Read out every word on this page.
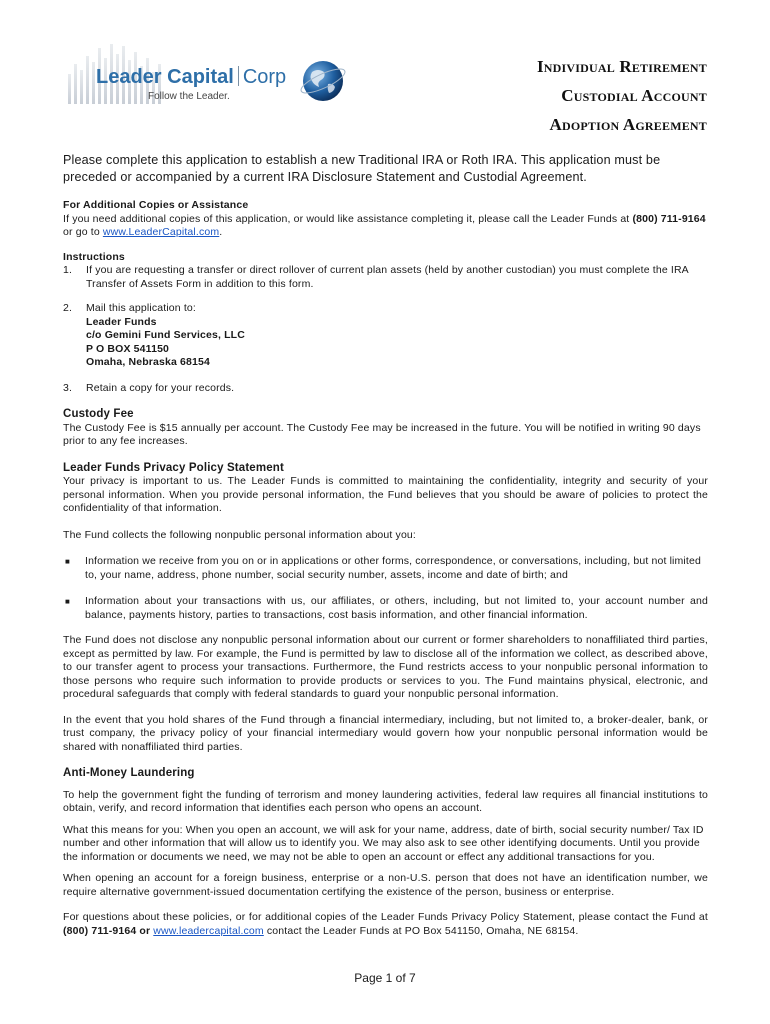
Leader Capital Corp
Follow the Leader.
Individual Retirement
Custodial Account
Adoption Agreement

Please complete this application to establish a new Traditional IRA or Roth IRA. This application must be preceded or accompanied by a current IRA Disclosure Statement and Custodial Agreement.

For Additional Copies or Assistance

If you need additional copies of this application, or would like assistance completing it, please call the Leader Funds at (800) 711-9164 or go to www.LeaderCapital.com.

Instructions
1. If you are requesting a transfer or direct rollover of current plan assets (held by another custodian) you must complete the IRA Transfer of Assets Form in addition to this form.
2. Mail this application to:
Leader Funds
c/o Gemini Fund Services, LLC
P O BOX 541150
Omaha, Nebraska 68154
3. Retain a copy for your records.
Custody Fee

The Custody Fee is $15 annually per account. The Custody Fee may be increased in the future. You will be notified in writing 90 days prior to any fee increases.

Leader Funds Privacy Policy Statement

Your privacy is important to us. The Leader Funds is committed to maintaining the confidentiality, integrity and security of your personal information. When you provide personal information, the Fund believes that you should be aware of policies to protect the confidentiality of that information.

The Fund collects the following nonpublic personal information about you:

■ Information we receive from you on or in applications or other forms, correspondence, or conversations, including, but not limited to, your name, address, phone number, social security number, assets, income and date of birth; and
■ Information about your transactions with us, our affiliates, or others, including, but not limited to, your account number and balance, payments history, parties to transactions, cost basis information, and other financial information.

The Fund does not disclose any nonpublic personal information about our current or former shareholders to nonaffiliated third parties, except as permitted by law. For example, the Fund is permitted by law to disclose all of the information we collect, as described above, to our transfer agent to process your transactions. Furthermore, the Fund restricts access to your nonpublic personal information to those persons who require such information to provide products or services to you. The Fund maintains physical, electronic, and procedural safeguards that comply with federal standards to guard your nonpublic personal information.

In the event that you hold shares of the Fund through a financial intermediary, including, but not limited to, a broker-dealer, bank, or trust company, the privacy policy of your financial intermediary would govern how your nonpublic personal information would be shared with nonaffiliated third parties.

Anti-Money Laundering

To help the government fight the funding of terrorism and money laundering activities, federal law requires all financial institutions to obtain, verify, and record information that identifies each person who opens an account.

What this means for you: When you open an account, we will ask for your name, address, date of birth, social security number/ Tax ID number and other information that will allow us to identify you. We may also ask to see other identifying documents. Until you provide the information or documents we need, we may not be able to open an account or effect any additional transactions for you.

When opening an account for a foreign business, enterprise or a non-U.S. person that does not have an identification number, we require alternative government-issued documentation certifying the existence of the person, business or enterprise.

For questions about these policies, or for additional copies of the Leader Funds Privacy Policy Statement, please contact the Fund at (800) 711-9164 or www.leadercapital.com contact the Leader Funds at PO Box 541150, Omaha, NE 68154.

Page 1 of 7
